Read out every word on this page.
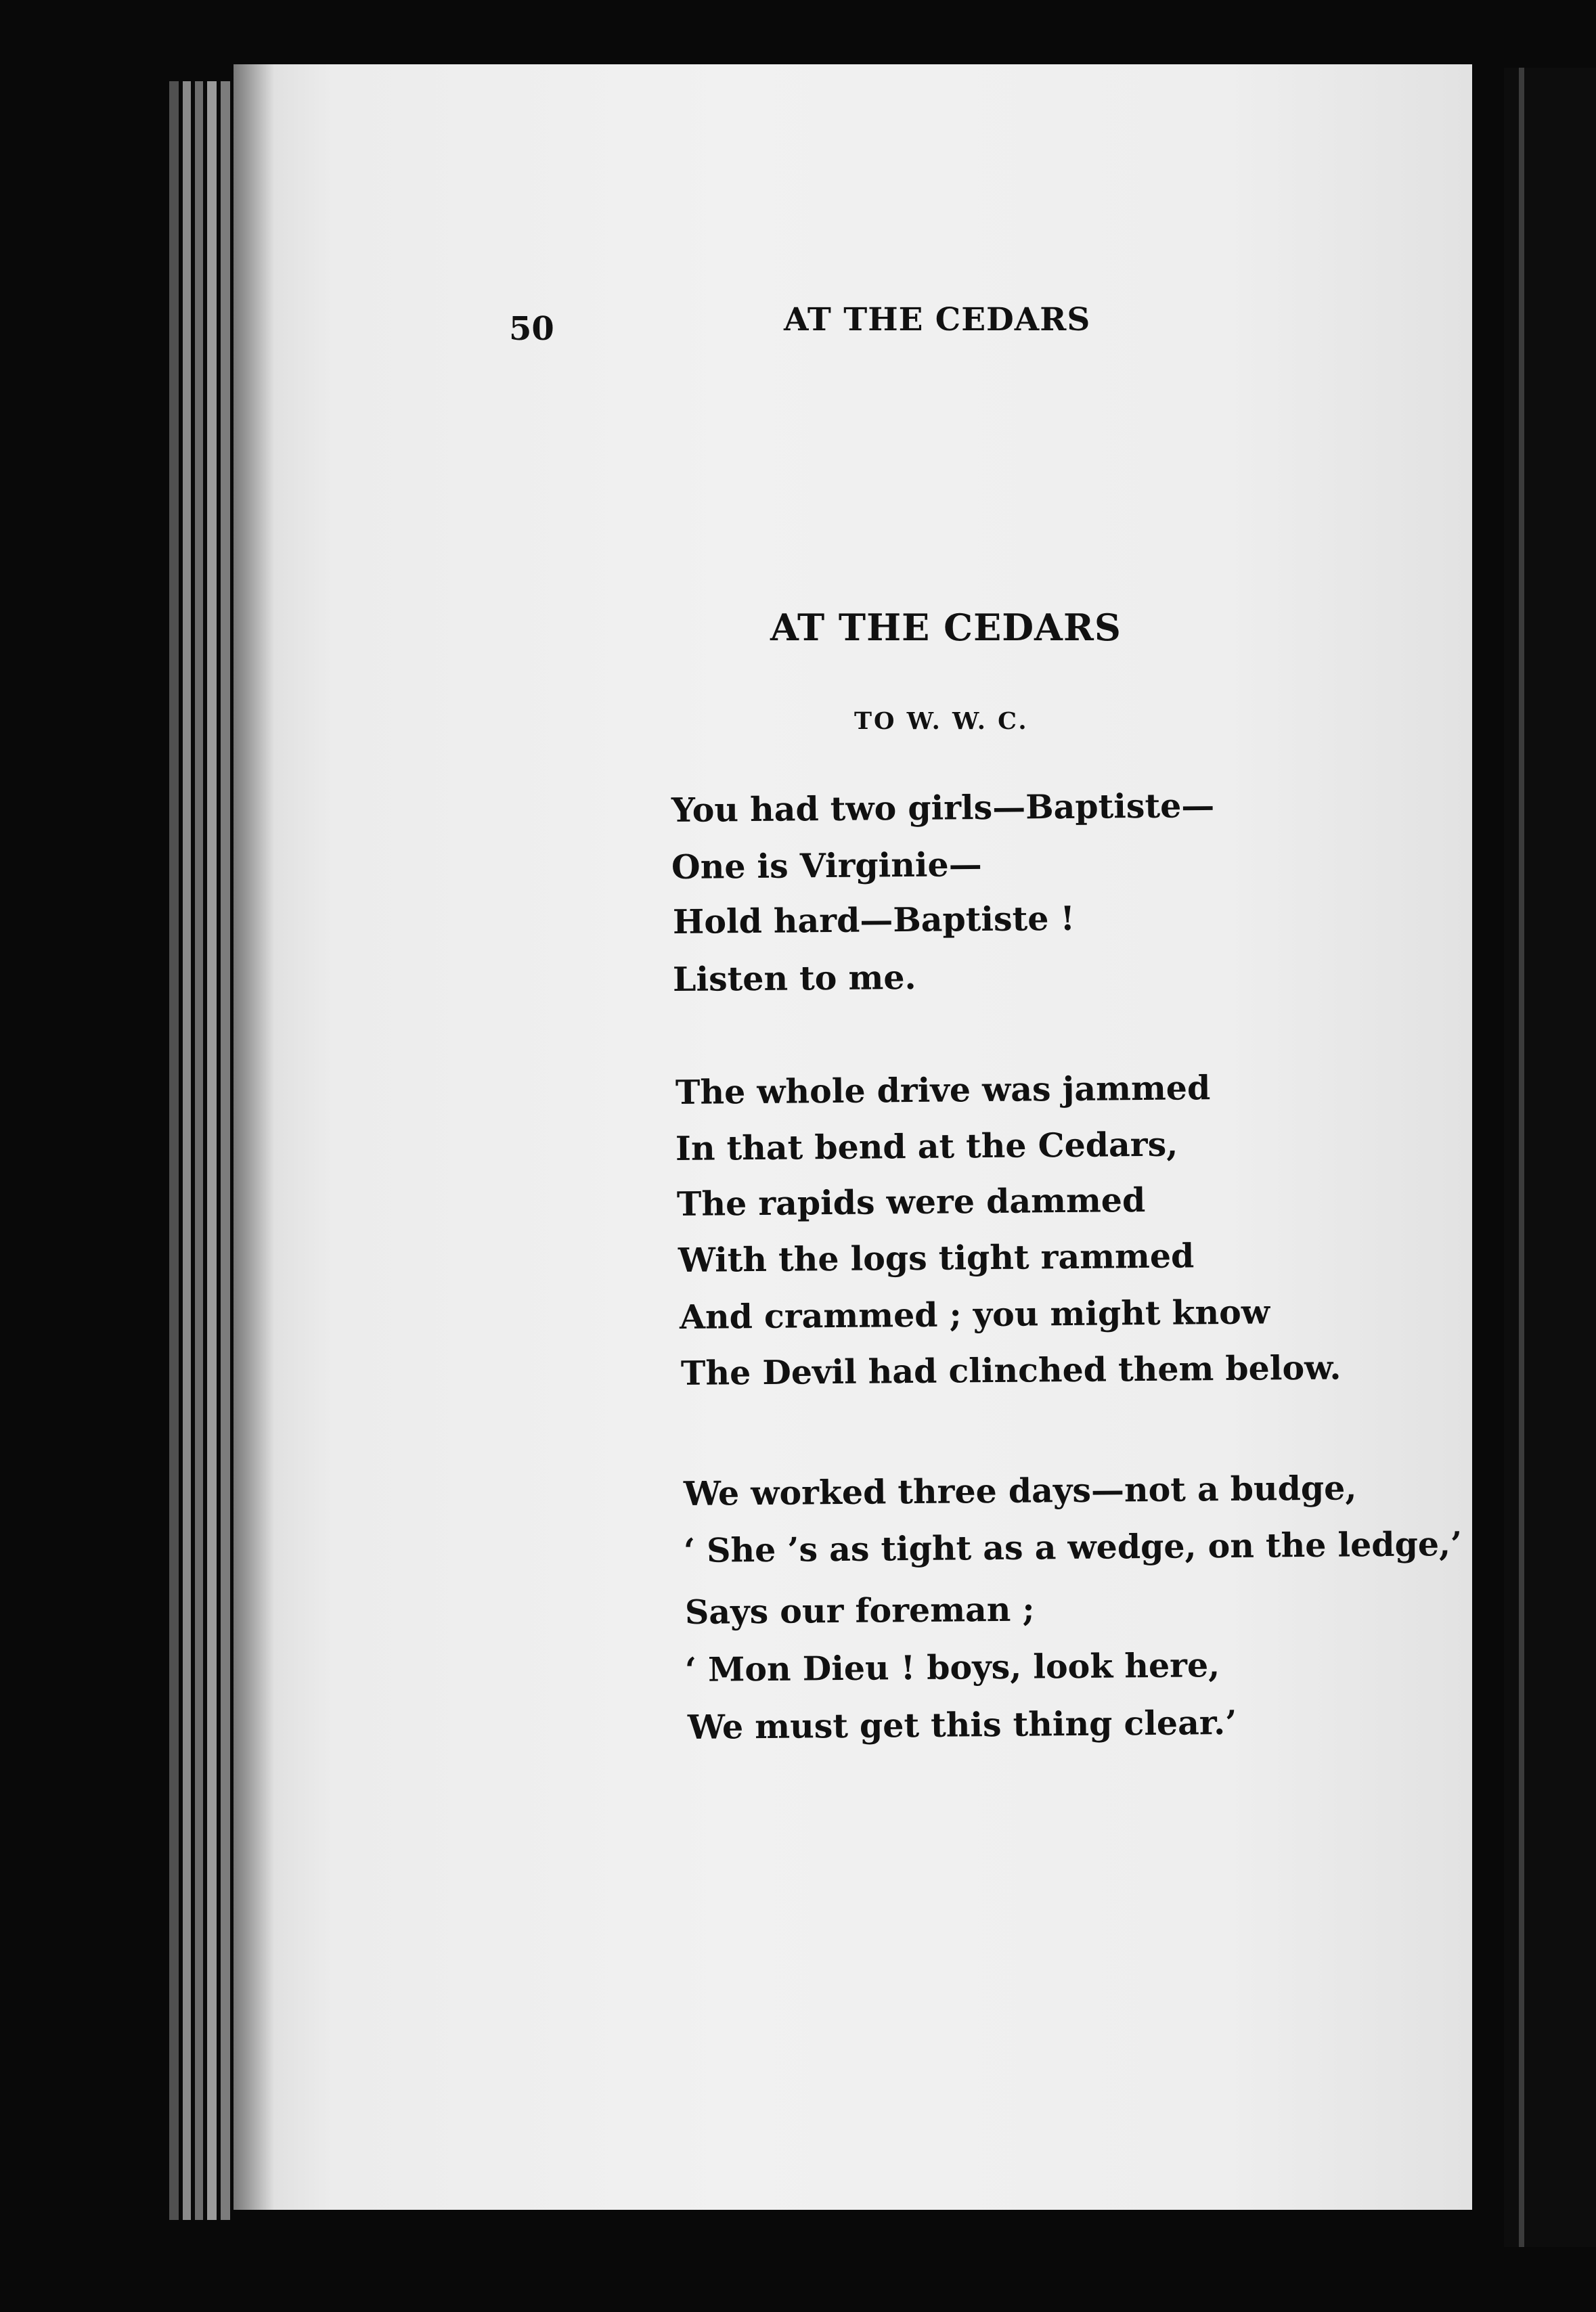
50	AT THE CEDARS
AT THE CEDARS
TO W. W. C.
You had two girls—Baptiste—
One is Virginie—
Hold hard—Baptiste !
Listen to me.
The whole drive was jammed
In that bend at the Cedars,
The rapids were dammed
With the logs tight rammed
And crammed ; you might know
The Devil had clinched them below.
We worked three days—not a budge,
‘ She ’s as tight as a wedge, on the ledge,’
Says our foreman ;
‘ Mon Dieu ! boys, look here,
We must get this thing clear.’
